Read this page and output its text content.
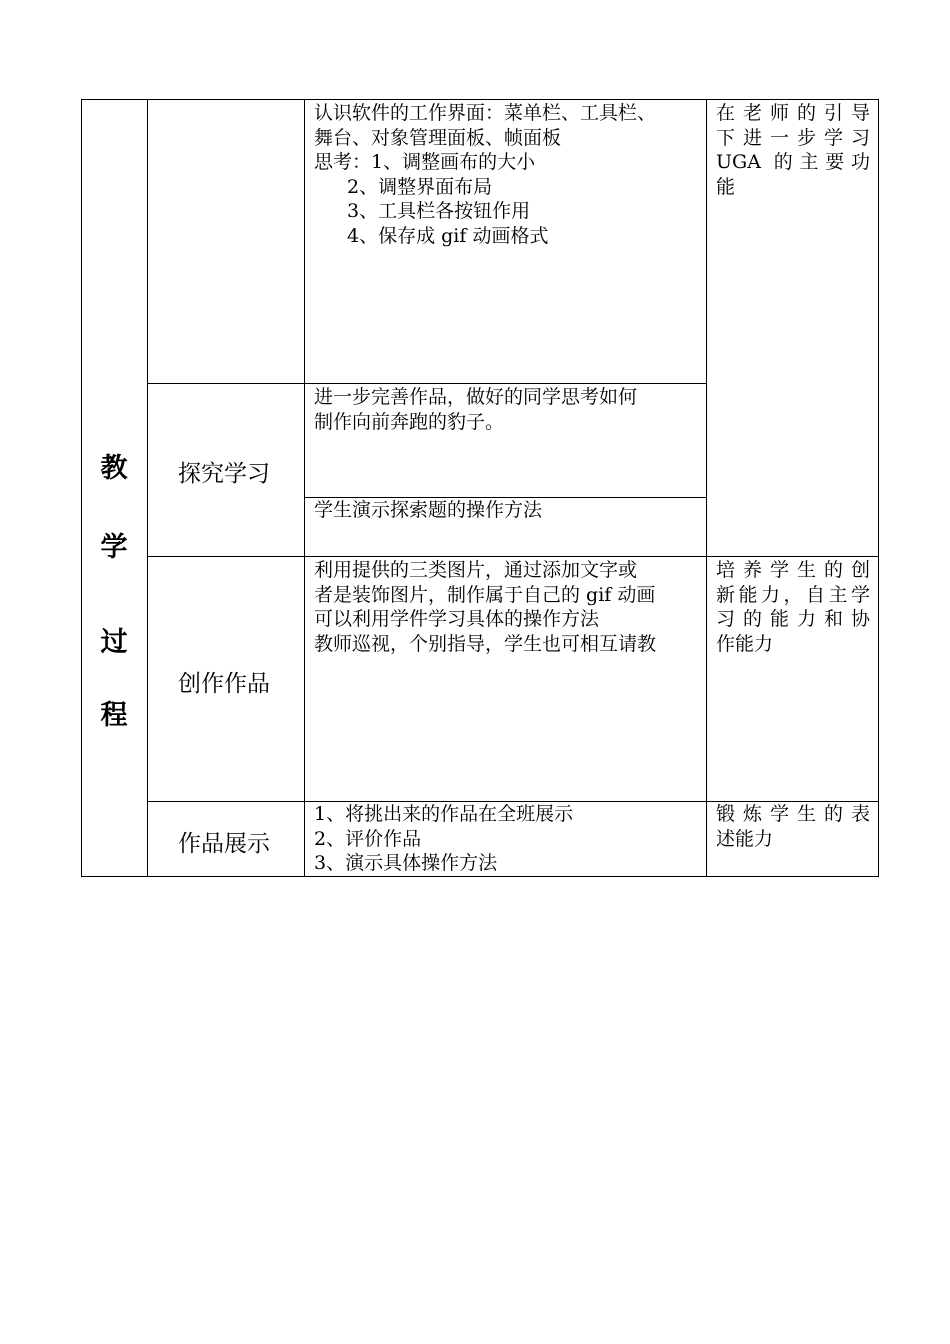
教
学
过
程
认识软件的工作界面：菜单栏、工具栏、
舞台、对象管理面板、帧面板
思考：1、调整画布的大小
2、调整界面布局
3、工具栏各按钮作用
4、保存成 gif 动画格式
在老师的引导
下进一步学习
UGA 的主要功
能
探究学习
进一步完善作品，做好的同学思考如何
制作向前奔跑的豹子。
学生演示探索题的操作方法
创作作品
利用提供的三类图片，通过添加文字或
者是装饰图片，制作属于自己的 gif 动画
可以利用学件学习具体的操作方法
教师巡视，个别指导，学生也可相互请教
培养学生的创
新能力，自主学
习的能力和协
作能力
作品展示
1、将挑出来的作品在全班展示
2、评价作品
3、演示具体操作方法
锻炼学生的表
述能力
